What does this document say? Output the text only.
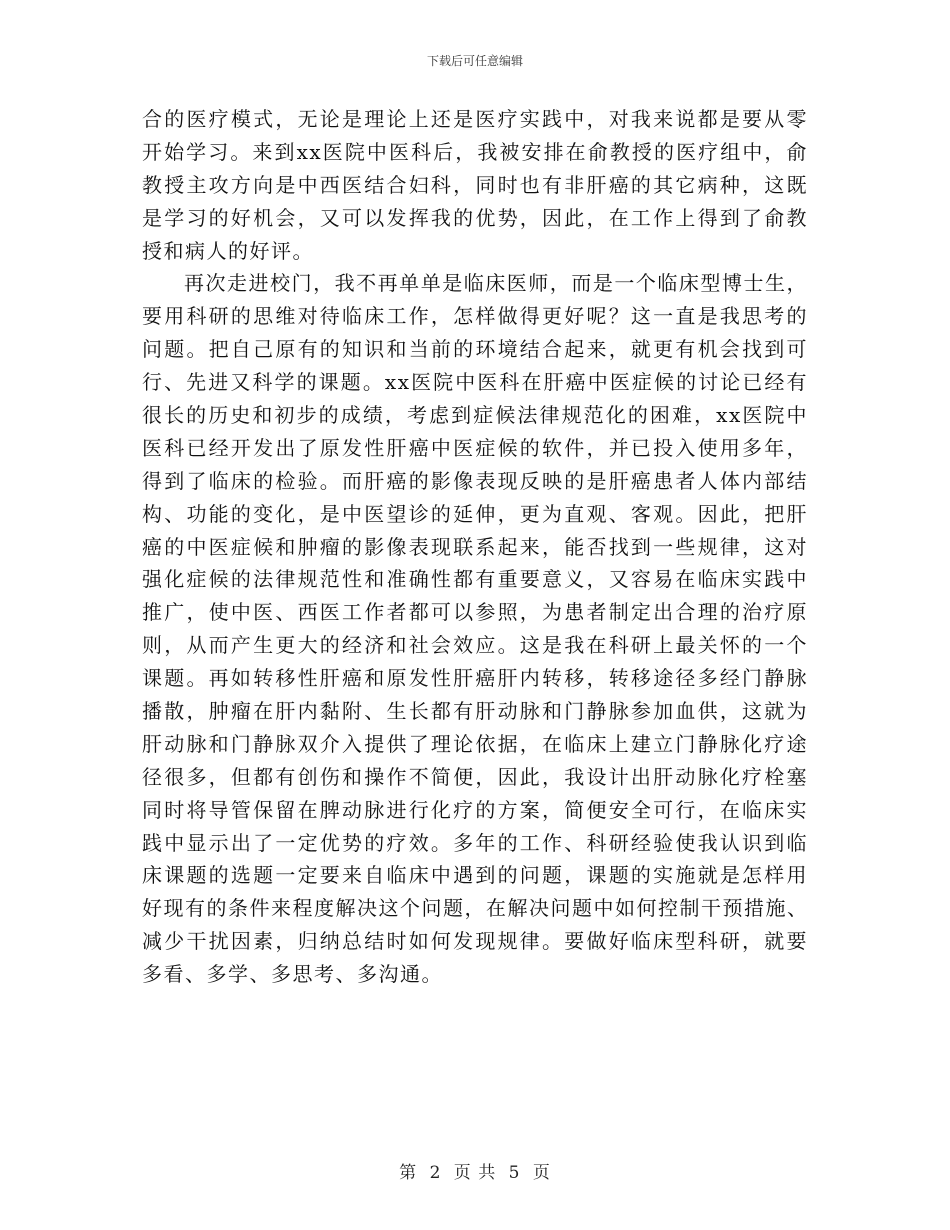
下载后可任意编辑
合的医疗模式，无论是理论上还是医疗实践中，对我来说都是要从零
开始学习。来到xx医院中医科后，我被安排在俞教授的医疗组中，俞
教授主攻方向是中西医结合妇科，同时也有非肝癌的其它病种，这既
是学习的好机会，又可以发挥我的优势，因此，在工作上得到了俞教
授和病人的好评。
再次走进校门，我不再单单是临床医师，而是一个临床型博士生，
要用科研的思维对待临床工作，怎样做得更好呢？这一直是我思考的
问题。把自己原有的知识和当前的环境结合起来，就更有机会找到可
行、先进又科学的课题。xx医院中医科在肝癌中医症候的讨论已经有
很长的历史和初步的成绩，考虑到症候法律规范化的困难，xx医院中
医科已经开发出了原发性肝癌中医症候的软件，并已投入使用多年，
得到了临床的检验。而肝癌的影像表现反映的是肝癌患者人体内部结
构、功能的变化，是中医望诊的延伸，更为直观、客观。因此，把肝
癌的中医症候和肿瘤的影像表现联系起来，能否找到一些规律，这对
强化症候的法律规范性和准确性都有重要意义，又容易在临床实践中
推广，使中医、西医工作者都可以参照，为患者制定出合理的治疗原
则，从而产生更大的经济和社会效应。这是我在科研上最关怀的一个
课题。再如转移性肝癌和原发性肝癌肝内转移，转移途径多经门静脉
播散，肿瘤在肝内黏附、生长都有肝动脉和门静脉参加血供，这就为
肝动脉和门静脉双介入提供了理论依据，在临床上建立门静脉化疗途
径很多，但都有创伤和操作不简便，因此，我设计出肝动脉化疗栓塞
同时将导管保留在脾动脉进行化疗的方案，简便安全可行，在临床实
践中显示出了一定优势的疗效。多年的工作、科研经验使我认识到临
床课题的选题一定要来自临床中遇到的问题，课题的实施就是怎样用
好现有的条件来程度解决这个问题，在解决问题中如何控制干预措施、
减少干扰因素，归纳总结时如何发现规律。要做好临床型科研，就要
多看、多学、多思考、多沟通。
第 2 页 共 5 页
